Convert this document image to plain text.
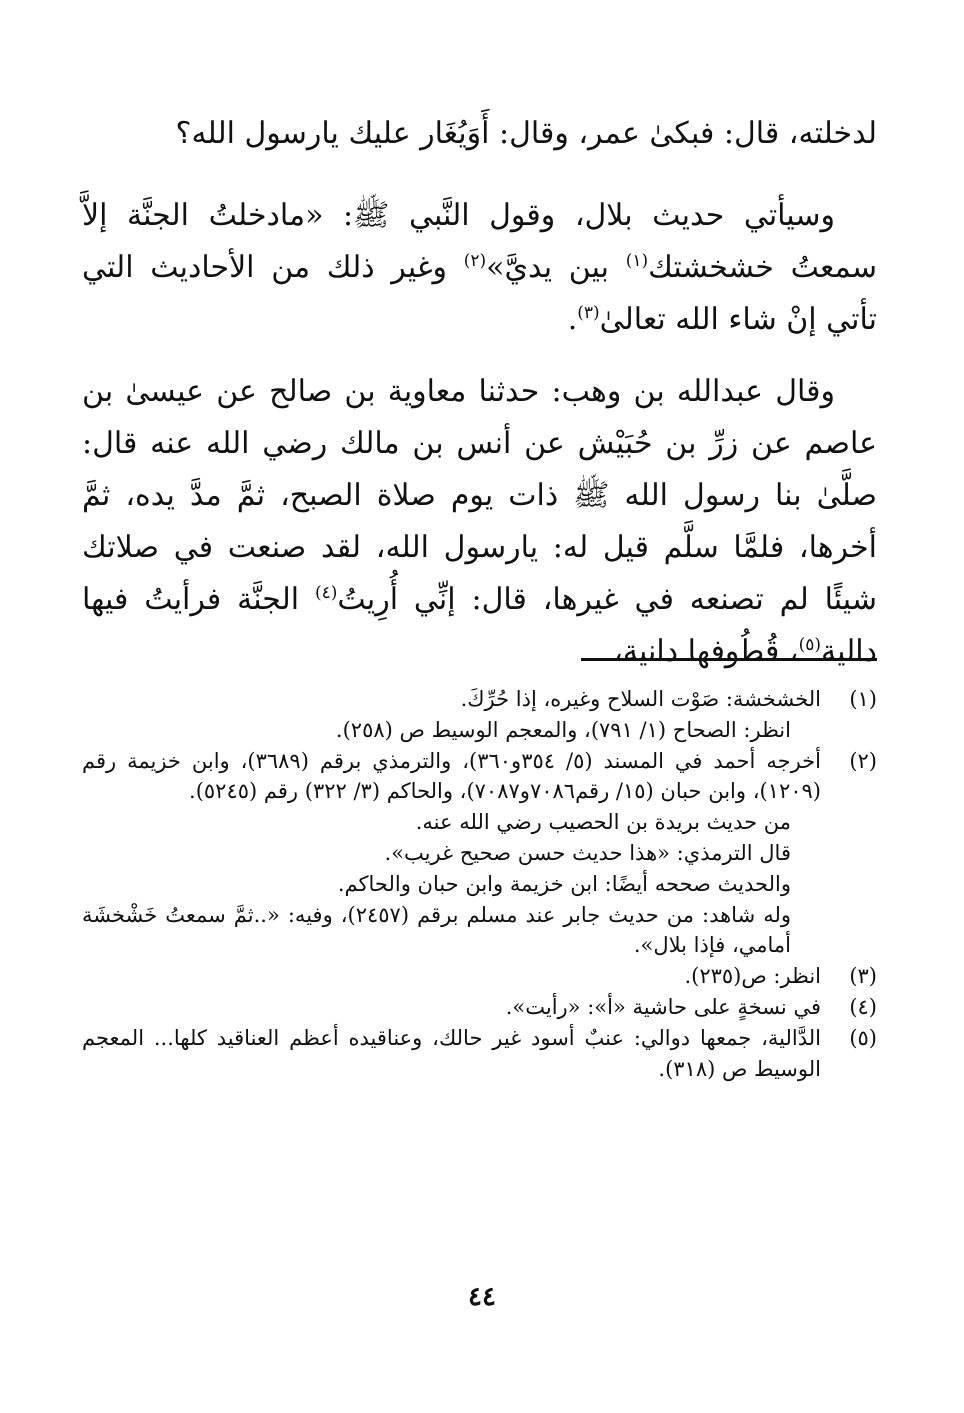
لدخلته، قال: فبكىٰ عمر، وقال: أَوَيُغَار عليك يارسول الله؟

وسيأتي حديث بلال، وقول النَّبي ﷺ: «مادخلتُ الجنَّة إلاَّ سمعتُ خشخشتك$^{(١)}$ بين يديَّ»$^{(٢)}$ وغير ذلك من الأحاديث التي تأتي إنْ شاء الله تعالىٰ$^{(٣)}$.

وقال عبدالله بن وهب: حدثنا معاوية بن صالح عن عيسىٰ بن عاصم عن زرِّ بن حُبَيْش عن أنس بن مالك رضي الله عنه قال: صلَّىٰ بنا رسول الله ﷺ ذات يوم صلاة الصبح، ثمَّ مدَّ يده، ثمَّ أخرها، فلمَّا سلَّم قيل له: يارسول الله، لقد صنعت في صلاتك شيئًا لم تصنعه في غيرها، قال: إنِّي أُرِيتُ$^{(٤)}$ الجنَّة فرأيتُ فيها دالية$^{(٥)}$، قُطُوفها دانية،

(١)

الخشخشة: صَوْت السلاح وغيره، إذا حُرِّكَ.

انظر: الصحاح (١/ ٧٩١)، والمعجم الوسيط ص (٢٥٨).

(٢)

أخرجه أحمد في المسند (٥/ ٣٥٤و٣٦٠)، والترمذي برقم (٣٦٨٩)، وابن خزيمة رقم (١٢٠٩)، وابن حبان (١٥/ رقم٧٠٨٦و٧٠٨٧)، والحاكم (٣/ ٣٢٢) رقم (٥٢٤٥).

من حديث بريدة بن الحصيب رضي الله عنه.

قال الترمذي: «هذا حديث حسن صحيح غريب».

والحديث صححه أيضًا: ابن خزيمة وابن حبان والحاكم.

وله شاهد: من حديث جابر عند مسلم برقم (٢٤٥٧)، وفيه: «..ثمَّ سمعتُ خَشْخشَة أمامي، فإذا بلال».

(٣)

انظر: ص(٢٣٥).

(٤)

في نسخةٍ على حاشية «أ»: «رأيت».

(٥)

الدَّالية، جمعها دوالي: عنبٌ أسود غير حالك، وعناقيده أعظم العناقيد كلها... المعجم الوسيط ص (٣١٨).

٤٤
